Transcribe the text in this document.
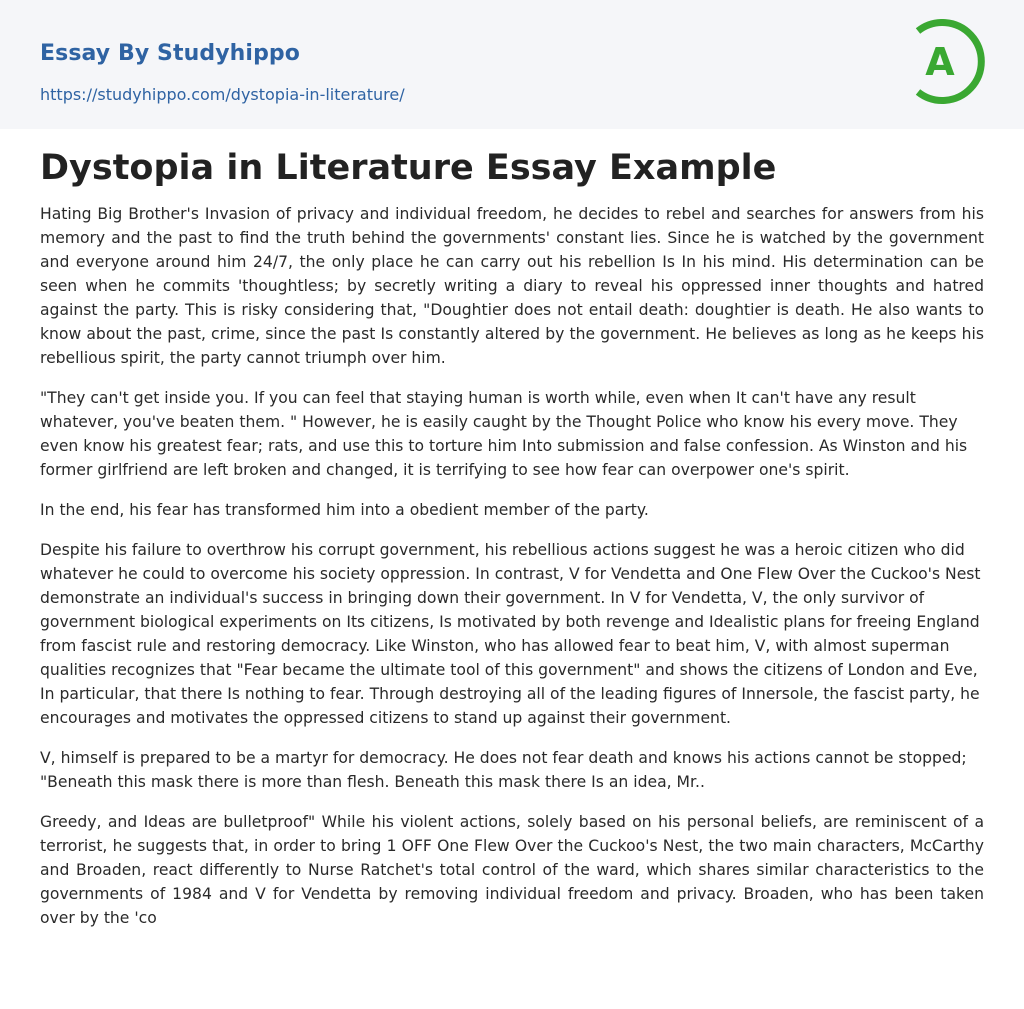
Essay By Studyhippo
https://studyhippo.com/dystopia-in-literature/
A
Dystopia in Literature Essay Example

Hating Big Brother's Invasion of privacy and individual freedom, he decides to rebel and searches for answers from his memory and the past to find the truth behind the governments' constant lies. Since he is watched by the government and everyone around him 24/7, the only place he can carry out his rebellion Is In his mind. His determination can be seen when he commits 'thoughtless; by secretly writing a diary to reveal his oppressed inner thoughts and hatred against the party. This is risky considering that, "Doughtier does not entail death: doughtier is death. He also wants to know about the past, crime, since the past Is constantly altered by the government. He believes as long as he keeps his rebellious spirit, the party cannot triumph over him.

"They can't get inside you. If you can feel that staying human is worth while, even when It can't have any result whatever, you've beaten them. " However, he is easily caught by the Thought Police who know his every move. They even know his greatest fear; rats, and use this to torture him Into submission and false confession. As Winston and his former girlfriend are left broken and changed, it is terrifying to see how fear can overpower one's spirit.

In the end, his fear has transformed him into a obedient member of the party.

Despite his failure to overthrow his corrupt government, his rebellious actions suggest he was a heroic citizen who did whatever he could to overcome his society oppression. In contrast, V for Vendetta and One Flew Over the Cuckoo's Nest demonstrate an individual's success in bringing down their government. In V for Vendetta, V, the only survivor of government biological experiments on Its citizens, Is motivated by both revenge and Idealistic plans for freeing England from fascist rule and restoring democracy. Like Winston, who has allowed fear to beat him, V, with almost superman qualities recognizes that "Fear became the ultimate tool of this government" and shows the citizens of London and Eve, In particular, that there Is nothing to fear. Through destroying all of the leading figures of Innersole, the fascist party, he encourages and motivates the oppressed citizens to stand up against their government.

V, himself is prepared to be a martyr for democracy. He does not fear death and knows his actions cannot be stopped; "Beneath this mask there is more than flesh. Beneath this mask there Is an idea, Mr..

Greedy, and Ideas are bulletproof" While his violent actions, solely based on his personal beliefs, are reminiscent of a terrorist, he suggests that, in order to bring 1 OFF One Flew Over the Cuckoo's Nest, the two main characters, McCarthy and Broaden, react differently to Nurse Ratchet's total control of the ward, which shares similar characteristics to the governments of 1984 and V for Vendetta by removing individual freedom and privacy. Broaden, who has been taken over by the 'co
